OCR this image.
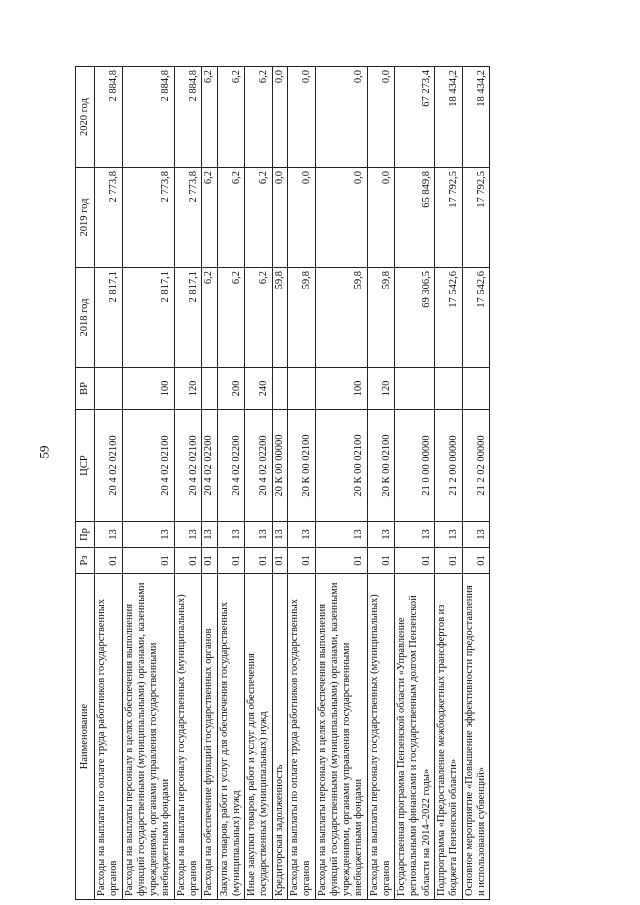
59
Наименование	Рз	Пр	ЦСР	ВР	2018 год	2019 год	2020 год
Расходы на выплаты по оплате труда работников государственных органов	01	13	20 4 02 02100		2 817,1	2 773,8	2 884,8
Расходы на выплаты персоналу в целях обеспечения выполнения функций государственными (муниципальными) органами, казенными учреждениями, органами управления государственными внебюджетными фондами	01	13	20 4 02 02100	100	2 817,1	2 773,8	2 884,8
Расходы на выплаты персоналу государственных (муниципальных) органов	01	13	20 4 02 02100	120	2 817,1	2 773,8	2 884,8
Расходы на обеспечение функций государственных органов	01	13	20 4 02 02200		6,2	6,2	6,2
Закупка товаров, работ и услуг для обеспечения государственных (муниципальных) нужд	01	13	20 4 02 02200	200	6,2	6,2	6,2
Иные закупки товаров, работ и услуг для обеспечения государственных (муниципальных) нужд	01	13	20 4 02 02200	240	6,2	6,2	6,2
Кредиторская задолженность	01	13	20 К 00 00000		59,8	0,0	0,0
Расходы на выплаты по оплате труда работников государственных органов	01	13	20 К 00 02100		59,8	0,0	0,0
Расходы на выплаты персоналу в целях обеспечения выполнения функций государственными (муниципальными) органами, казенными учреждениями, органами управления государственными внебюджетными фондами	01	13	20 К 00 02100	100	59,8	0,0	0,0
Расходы на выплаты персоналу государственных (муниципальных) органов	01	13	20 К 00 02100	120	59,8	0,0	0,0
Государственная программа Пензенской области «Управление региональными финансами и государственным долгом Пензенской области на 2014–2022 годы»	01	13	21 0 00 00000		69 306,5	65 849,8	67 273,4
Подпрограмма «Предоставление межбюджетных трансфертов из бюджета Пензенской области»	01	13	21 2 00 00000		17 542,6	17 792,5	18 434,2
Основное мероприятие «Повышение эффективности предоставления и использования субвенций»	01	13	21 2 02 00000		17 542,6	17 792,5	18 434,2
